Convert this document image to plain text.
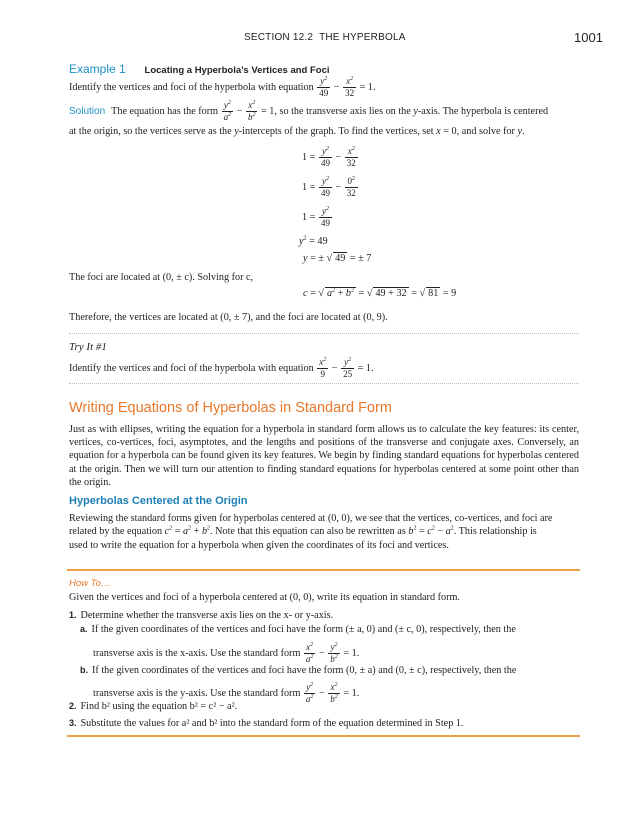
SECTION 12.2 THE HYPERBOLA	1001
Example 1 Locating a Hyperbola’s Vertices and Foci
Identify the vertices and foci of the hyperbola with equation $\frac{y^2}{49} - \frac{x^2}{32} = 1$.
Solution The equation has the form $\frac{y^2}{a^2} - \frac{x^2}{b^2} = 1$, so the transverse axis lies on the y-axis. The hyperbola is centered
at the origin, so the vertices serve as the y-intercepts of the graph. To find the vertices, set x = 0, and solve for y.
$1 = \frac{y^2}{49} - \frac{x^2}{32}$
$1 = \frac{y^2}{49} - \frac{0^2}{32}$
$1 = \frac{y^2}{49}$
$y^2 = 49$
y = ± √ 49 = ± 7
The foci are located at (0, ± c). Solving for c,
c = √ $a^2 + b^2$ = √ 49 + 32 = √ 81 = 9
Therefore, the vertices are located at (0, ± 7), and the foci are located at (0, 9).
Try It #1
Identify the vertices and foci of the hyperbola with equation $\frac{x^2}{9} - \frac{y^2}{25} = 1$.
Writing Equations of Hyperbolas in Standard Form
Just as with ellipses, writing the equation for a hyperbola in standard form allows us to calculate the key features: its center, vertices, co-vertices, foci, asymptotes, and the lengths and positions of the transverse and conjugate axes. Conversely, an equation for a hyperbola can be found given its key features. We begin by finding standard equations for hyperbolas centered at the origin. Then we will turn our attention to finding standard equations for hyperbolas centered at some point other than the origin.
Hyperbolas Centered at the Origin
Reviewing the standard forms given for hyperbolas centered at (0, 0), we see that the vertices, co-vertices, and foci are
related by the equation $c^2 = a^2 + b^2$. Note that this equation can also be rewritten as $b^2 = c^2 - a^2$. This relationship is
used to write the equation for a hyperbola when given the coordinates of its foci and vertices.
How To…
Given the vertices and foci of a hyperbola centered at (0, 0), write its equation in standard form.
1. Determine whether the transverse axis lies on the x- or y-axis.
a. If the given coordinates of the vertices and foci have the form (± a, 0) and (± c, 0), respectively, then the
transverse axis is the x-axis. Use the standard form $\frac{x^2}{a^2} - \frac{y^2}{b^2} = 1$.
b. If the given coordinates of the vertices and foci have the form (0, ± a) and (0, ± c), respectively, then the
transverse axis is the y-axis. Use the standard form $\frac{y^2}{a^2} - \frac{x^2}{b^2} = 1$.
2. Find b² using the equation b² = c² − a².
3. Substitute the values for a² and b² into the standard form of the equation determined in Step 1.
